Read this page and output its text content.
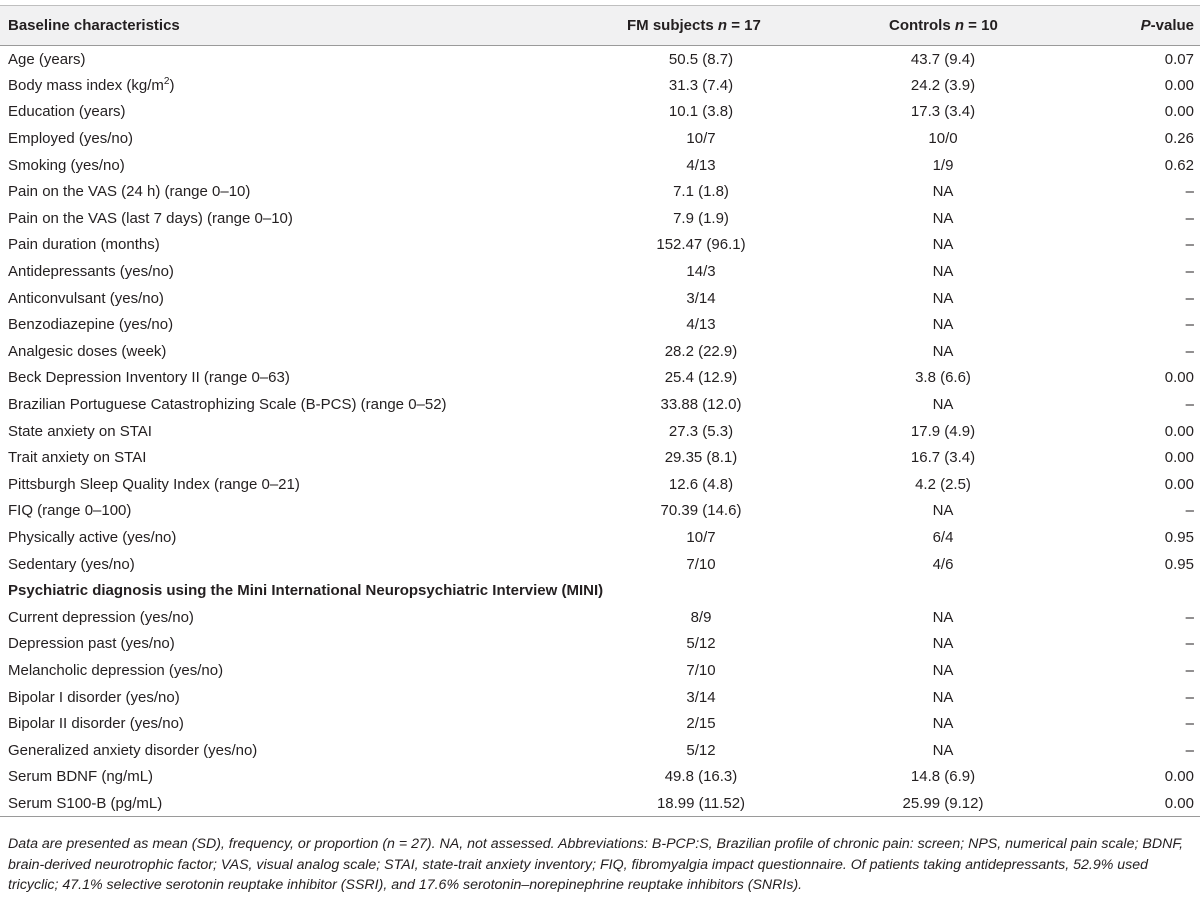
Baseline characteristics	FM subjects n = 17	Controls n = 10	P-value
Age (years)	50.5 (8.7)	43.7 (9.4)	0.07
Body mass index $(kg/m^2)$	31.3 (7.4)	24.2 (3.9)	0.00
Education (years)	10.1 (3.8)	17.3 (3.4)	0.00
Employed (yes/no)	10/7	10/0	0.26
Smoking (yes/no)	4/13	1/9	0.62
Pain on the VAS (24 h) (range 0–10)	7.1 (1.8)	NA	–
Pain on the VAS (last 7 days) (range 0–10)	7.9 (1.9)	NA	–
Pain duration (months)	152.47 (96.1)	NA	–
Antidepressants (yes/no)	14/3	NA	–
Anticonvulsant (yes/no)	3/14	NA	–
Benzodiazepine (yes/no)	4/13	NA	–
Analgesic doses (week)	28.2 (22.9)	NA	–
Beck Depression Inventory II (range 0–63)	25.4 (12.9)	3.8 (6.6)	0.00
Brazilian Portuguese Catastrophizing Scale (B-PCS) (range 0–52)	33.88 (12.0)	NA	–
State anxiety on STAI	27.3 (5.3)	17.9 (4.9)	0.00
Trait anxiety on STAI	29.35 (8.1)	16.7 (3.4)	0.00
Pittsburgh Sleep Quality Index (range 0–21)	12.6 (4.8)	4.2 (2.5)	0.00
FIQ (range 0–100)	70.39 (14.6)	NA	–
Physically active (yes/no)	10/7	6/4	0.95
Sedentary (yes/no)	7/10	4/6	0.95
Psychiatric diagnosis using the Mini International Neuropsychiatric Interview (MINI)			
Current depression (yes/no)	8/9	NA	–
Depression past (yes/no)	5/12	NA	–
Melancholic depression (yes/no)	7/10	NA	–
Bipolar I disorder (yes/no)	3/14	NA	–
Bipolar II disorder (yes/no)	2/15	NA	–
Generalized anxiety disorder (yes/no)	5/12	NA	–
Serum BDNF (ng/mL)	49.8 (16.3)	14.8 (6.9)	0.00
Serum S100-B (pg/mL)	18.99 (11.52)	25.99 (9.12)	0.00
Data are presented as mean (SD), frequency, or proportion (n = 27). NA, not assessed. Abbreviations: B-PCP:S, Brazilian profile of chronic pain: screen; NPS, numerical pain scale; BDNF, brain-derived neurotrophic factor; VAS, visual analog scale; STAI, state-trait anxiety inventory; FIQ, fibromyalgia impact questionnaire. Of patients taking antidepressants, 52.9% used tricyclic; 47.1% selective serotonin reuptake inhibitor (SSRI), and 17.6% serotonin–norepinephrine reuptake inhibitors (SNRIs).
